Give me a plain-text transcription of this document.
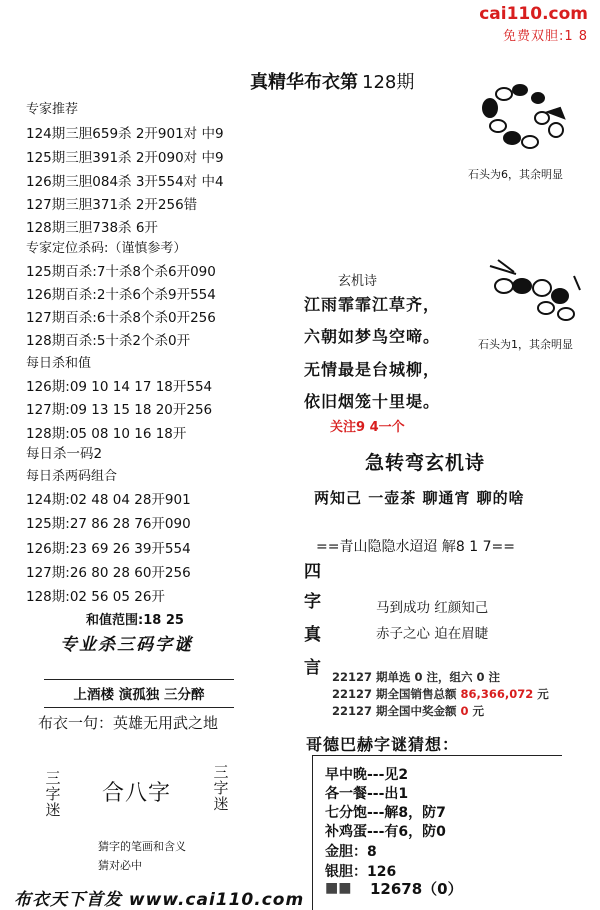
cai110.com
免费双胆:1 8
真精华布衣第 128期
专家推荐
124期三胆659杀 2开901对 中9
125期三胆391杀 2开090对 中9
126期三胆084杀 3开554对 中4
127期三胆371杀 2开256错
128期三胆738杀 6开
专家定位杀码:（谨慎参考）
125期百杀:7十杀8个杀6开090
126期百杀:2十杀6个杀9开554
127期百杀:6十杀8个杀0开256
128期百杀:5十杀2个杀0开
每日杀和值
126期:09 10 14 17 18开554
127期:09 13 15 18 20开256
128期:05 08 10 16 18开
每日杀一码2
每日杀两码组合
124期:02 48 04 28开901
125期:27 86 28 76开090
126期:23 69 26 39开554
127期:26 80 28 60开256
128期:02 56 05 26开
和值范围:18 25
专业杀三码字谜
上酒楼 演孤独 三分醉
布衣一句：英雄无用武之地
三字迷
合八字
三字迷
猜字的笔画和含义
猜对必中
石头为6，其余明显
石头为1，其余明显
玄机诗
江雨霏霏江草齐，
六朝如梦鸟空啼。
无情最是台城柳，
依旧烟笼十里堤。
关注9 4一个
急转弯玄机诗
两知己 一壶茶 聊通宵 聊的啥
==青山隐隐水迢迢 解8 1 7==
四
字
真
言
马到成功 红颜知己
赤子之心 迫在眉睫
22127 期单选 0 注，组六 0 注
22127 期全国销售总额 86,366,072 元
22127 期全国中奖金额 0 元
哥德巴赫字谜猜想：
早中晚---见2
各一餐---出1
七分饱---解8，防7
补鸡蛋---有6，防0
金胆：8
银胆：126
■■ 12678（0）
布衣天下首发 www.cai110.com
